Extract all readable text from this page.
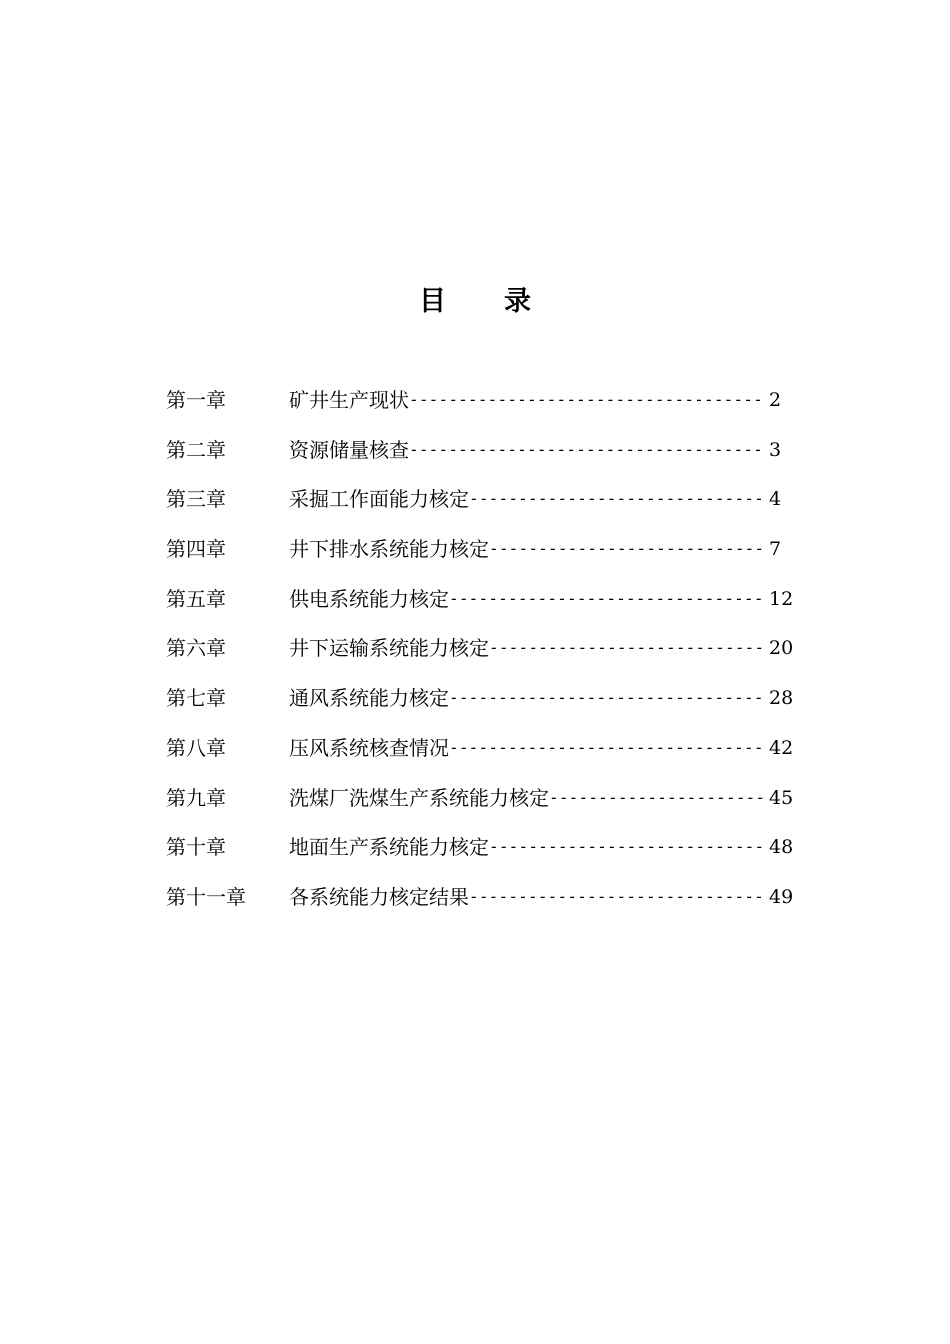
目 录
第一章	矿井生产现状 ------------------------------------ 2
第二章	资源储量核查 ------------------------------------ 3
第三章	采掘工作面能力核定 ------------------------------ 4
第四章	井下排水系统能力核定 ---------------------------- 7
第五章	供电系统能力核定 -------------------------------- 12
第六章	井下运输系统能力核定 ---------------------------- 20
第七章	通风系统能力核定 -------------------------------- 28
第八章	压风系统核查情况 -------------------------------- 42
第九章	洗煤厂洗煤生产系统能力核定 ---------------------- 45
第十章	地面生产系统能力核定 ---------------------------- 48
第十一章 各系统能力核定结果 ------------------------------ 49
